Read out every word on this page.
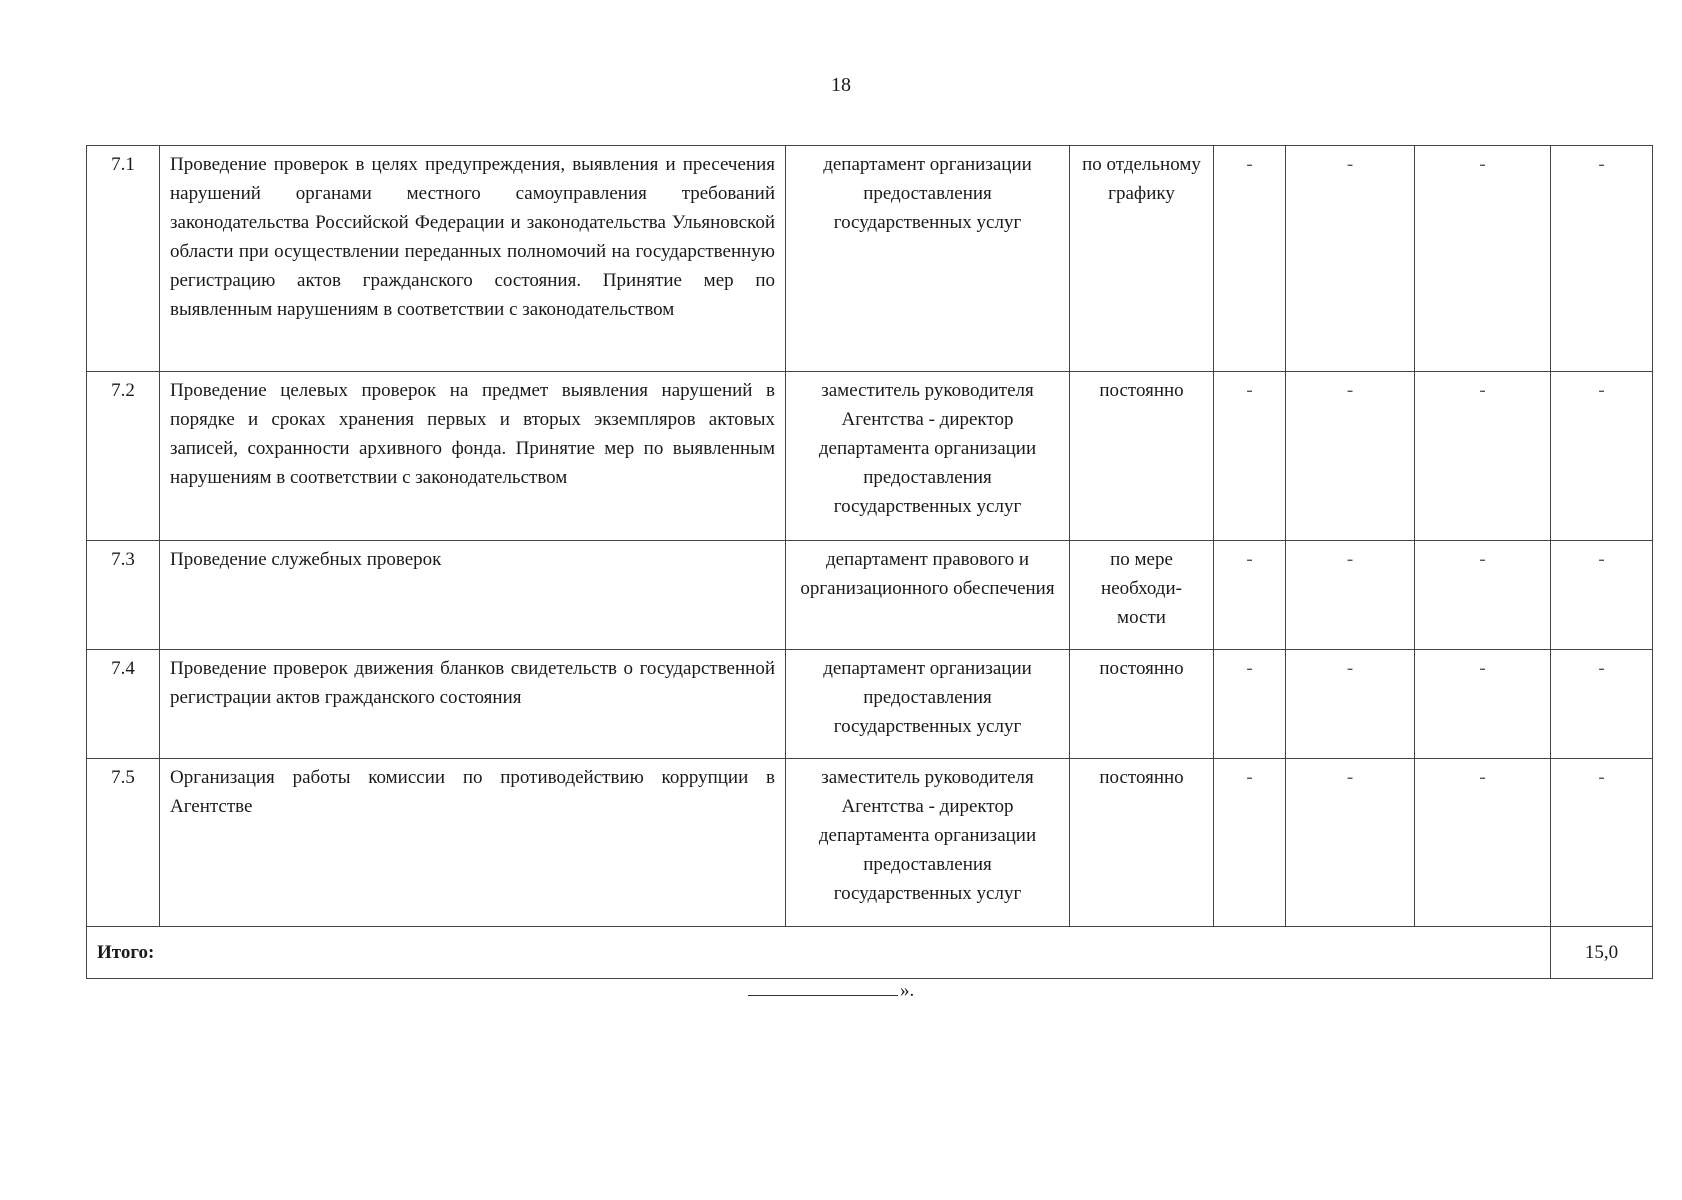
18
7.1	Проведение проверок в целях предупреждения, выявления и пресечения нарушений органами местного самоуправления требований законодательства Российской Федерации и законодательства Ульяновской области при осуществлении переданных полномочий на государственную регистрацию актов гражданского состояния. Принятие мер по выявленным нарушениям в соответствии с законодательством	департамент организации предоставления государственных услуг	по отдельному графику	-	-	-	-
7.2	Проведение целевых проверок на предмет выявления нарушений в порядке и сроках хранения первых и вторых экземпляров актовых записей, сохранности архивного фонда. Принятие мер по выявленным нарушениям в соответствии с законодательством	заместитель руководителя Агентства - директор департамента организации предоставления государственных услуг	постоянно	-	-	-	-
7.3	Проведение служебных проверок	департамент правового и организационного обеспечения	по мере необходи-мости	-	-	-	-
7.4	Проведение проверок движения бланков свидетельств о государственной регистрации актов гражданского состояния	департамент организации предоставления государственных услуг	постоянно	-	-	-	-
7.5	Организация работы комиссии по противодействию коррупции в Агентстве	заместитель руководителя Агентства - директор департамента организации предоставления государственных услуг	постоянно	-	-	-	-
Итого:							15,0
».
